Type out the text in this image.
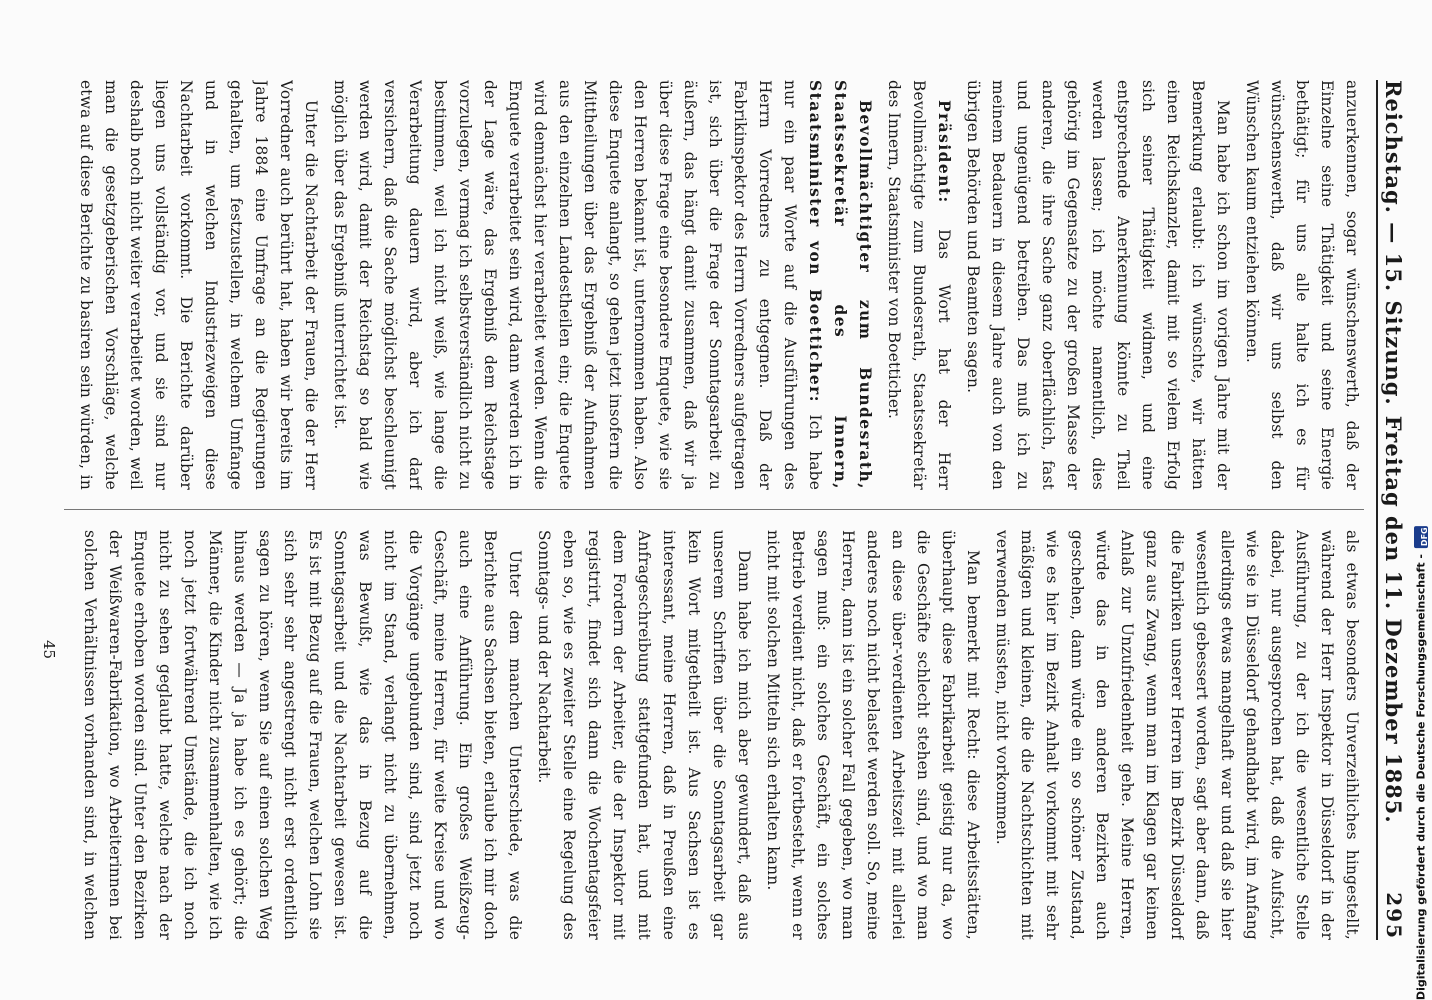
Reichstag. — 15. Sitzung.
Freitag den 11. Dezember 1885.
295

anzuerkennen, sogar wünschenswerth, daß der Einzelne seine Thätigkeit und seine Energie bethätigt; für uns alle halte ich es für wünschenswerth, daß wir uns selbst den Wünschen kaum entziehen können.

Man habe ich schon im vorigen Jahre mit der Bemerkung erlaubt: ich wünschte, wir hätten einen Reichskanzler, damit mit so vielem Erfolg sich seiner Thätigkeit widmen, und eine entsprechende Anerkennung könnte zu Theil werden lassen; ich möchte namentlich, dies gehörig im Gegensatze zu der großen Masse der anderen, die ihre Sache ganz oberflächlich, fast und ungenügend betreiben. Das muß ich zu meinem Bedauern in diesem Jahre auch von den übrigen Behörden und Beamten sagen.

Präsident: Das Wort hat der Herr Bevollmächtigte zum Bundesrath, Staatssekretär des Innern, Staatsminister von Boetticher.

Bevollmächtigter zum Bundesrath, Staatssekretär des Innern, Staatsminister von Boetticher: Ich habe nur ein paar Worte auf die Ausführungen des Herrn Vorredners zu entgegnen. Daß der Fabrikinspektor des Herrn Vorredners aufgetragen ist, sich über die Frage der Sonntagsarbeit zu äußern, das hängt damit zusammen, daß wir ja über diese Frage eine besondere Enquete, wie sie den Herren bekannt ist, unternommen haben. Also diese Enquete anlangt, so gehen jetzt insofern die Mittheilungen über das Ergebniß der Aufnahmen aus den einzelnen Landestheilen ein; die Enquete wird demnächst hier verarbeitet werden. Wenn die Enquete verarbeitet sein wird, dann werden ich in der Lage wäre, das Ergebniß dem Reichstage vorzulegen, vermag ich selbstverständlich nicht zu bestimmen, weil ich nicht weiß, wie lange die Verarbeitung dauern wird, aber ich darf versichern, daß die Sache möglichst beschleunigt werden wird, damit der Reichstag so bald wie möglich über das Ergebniß unterrichtet ist.

Unter die Nachtarbeit der Frauen, die der Herr Vorredner auch berührt hat, haben wir bereits im Jahre 1884 eine Umfrage an die Regierungen gehalten, um festzustellen, in welchem Umfange und in welchen Industriezweigen diese Nachtarbeit vorkommt. Die Berichte darüber liegen uns vollständig vor, und sie sind nur deshalb noch nicht weiter verarbeitet worden, weil man die gesetzgeberischen Vorschläge, welche etwa auf diese Berichte zu basiren sein würden, in

als etwas besonders Unverzeihliches hingestellt, während der Herr Inspektor in Düsseldorf in der Ausführung, zu der ich die wesentliche Stelle dabei, nur ausgesprochen hat, daß die Aufsicht, wie sie in Düsseldorf gehandhabt wird, im Anfang allerdings etwas mangelhaft war und daß sie hier wesentlich gebessert worden, sagt aber dann, daß die Fabriken unserer Herren im Bezirk Düsseldorf ganz aus Zwang, wenn man im Klagen gar keinen Anlaß zur Unzufriedenheit gehe. Meine Herren, würde das in den anderen Bezirken auch geschehen, dann würde ein so schöner Zustand, wie es hier im Bezirk Anhalt vorkommt mit sehr mäßigen und kleinen, die die Nachtschichten mit verwenden müssten, nicht vorkommen.

Man bemerkt mit Recht: diese Arbeitsstätten, überhaupt diese Fabrikarbeit geistig nur da, wo die Geschäfte schlecht stehen sind, und wo man an diese über-verdienten Arbeitszeit mit allerlei anderes noch nicht belastet werden soll. So, meine Herren, dann ist ein solcher Fall gegeben, wo man sagen muß: ein solches Geschäft, ein solches Betrieb verdient nicht, daß er fortbesteht, wenn er nicht mit solchen Mitteln sich erhalten kann.

Dann habe ich mich aber gewundert, daß aus unserem Schriften über die Sonntagsarbeit gar kein Wort mitgetheilt ist. Aus Sachsen ist es interessant, meine Herren, daß in Preußen eine Anfrageschreibung stattgefunden hat, und mit dem Fordern der Arbeiter, die der Inspektor mit registrirt, findet sich dann die Wochentagsfeier eben so, wie es zweiter Stelle eine Regelung des Sonntags- und der Nachtarbeit.

Unter dem manchen Unterschiede, was die Berichte aus Sachsen bieten, erlaube ich mir doch auch eine Anführung. Ein großes Weißzeug-Geschäft, meine Herren, für weite Kreise und wo die Vorgänge ungebunden sind, sind jetzt noch nicht im Stand, verlangt nicht zu übernehmen, was Bewußt, wie das in Bezug auf die Sonntagsarbeit und die Nachtarbeit gewesen ist. Es ist mit Bezug auf die Frauen, welchen Lohn sie sich sehr sehr angestrengt nicht erst ordentlich sagen zu hören, wenn Sie auf einen solchen Weg hinaus werden — Ja ja habe ich es gehört; die Männer, die Kinder nicht zusammenhalten, wie ich noch jetzt fortwährend Umstände, die ich noch nicht zu sehen geglaubt hatte, welche nach der Enquete erhoben worden sind. Unter den Bezirken der Weißwaren-Fabrikation, wo Arbeiterinnen bei solchen Verhältnissen vorhanden sind, in welchen

45	Digitalisierung gefördert durch die Deutsche Forschungsgemeinschaft -
DFG
